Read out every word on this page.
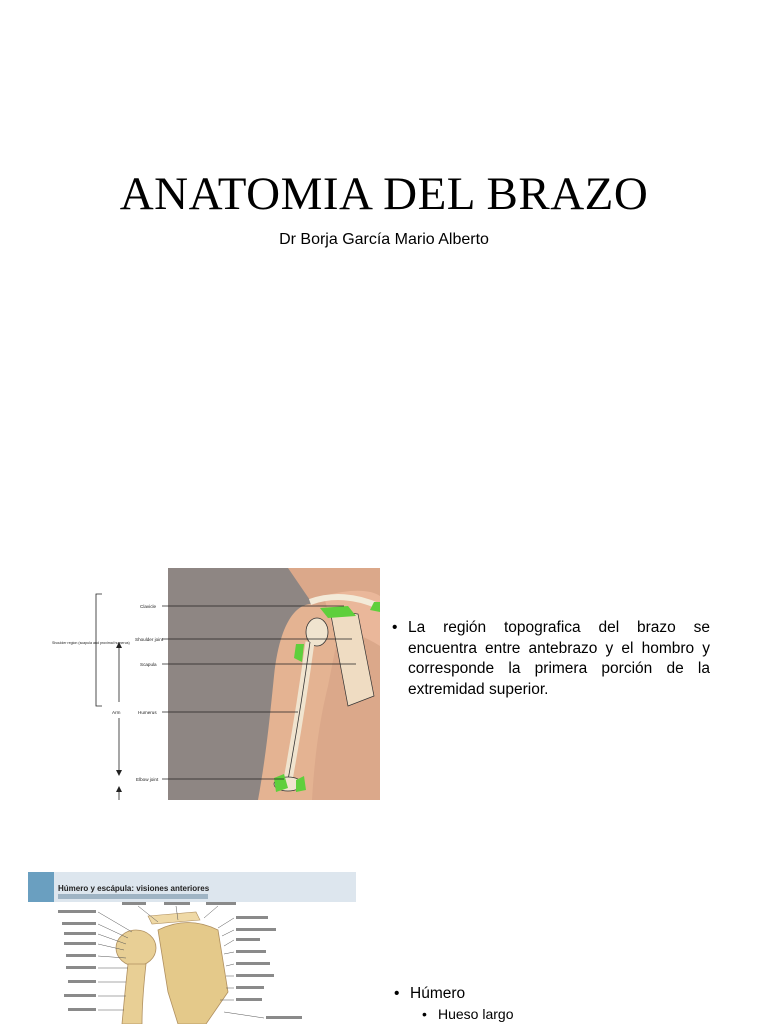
ANATOMIA DEL BRAZO
Dr Borja García Mario Alberto
Clavicle
Shoulder joint
Scapula
Humerus
Elbow joint
Arm
Shoulder region (scapula and proximal humerus)
• La región topografica del brazo se encuentra entre antebrazo y el hombro y corresponde la primera porción de la extremidad superior.
Húmero y escápula: visiones anteriores
• Húmero
• Hueso largo
